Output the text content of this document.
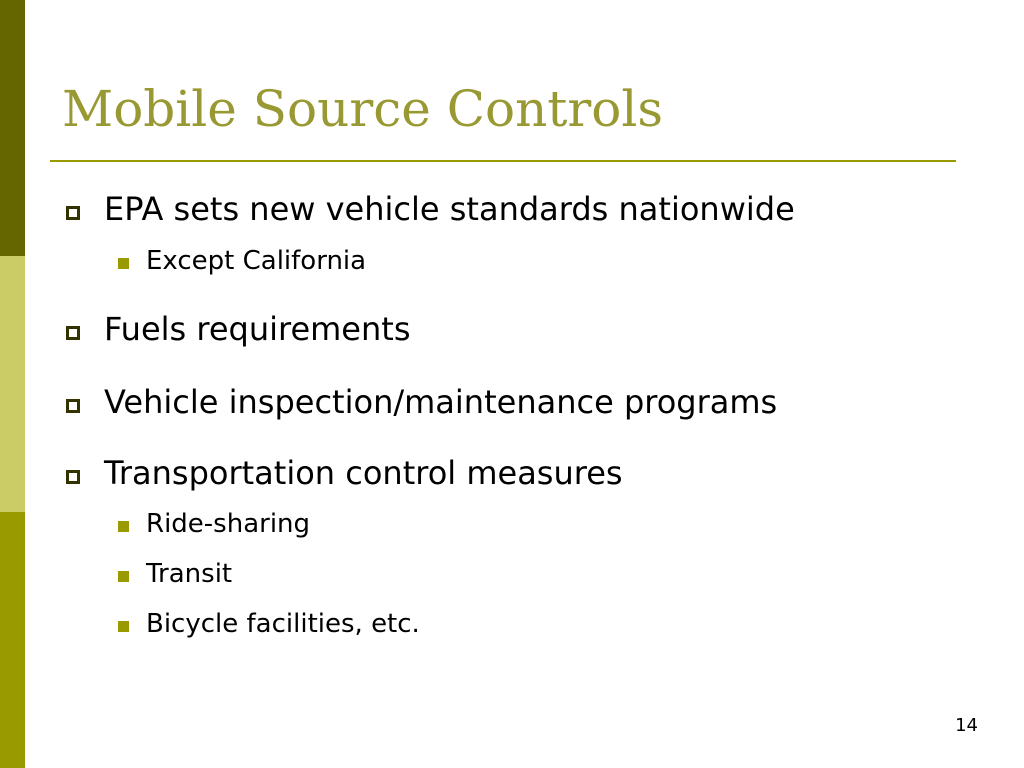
Mobile Source Controls
EPA sets new vehicle standards nationwide
Except California
Fuels requirements
Vehicle inspection/maintenance programs
Transportation control measures
Ride-sharing
Transit
Bicycle facilities, etc.
14
